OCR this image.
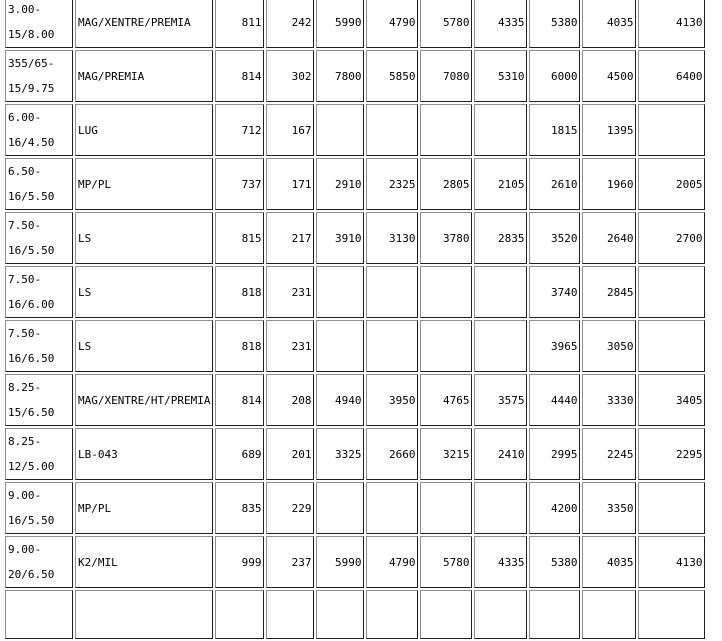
3.00-
15/8.00	MAG/XENTRE/PREMIA	811	242	5990	4790	5780	4335	5380	4035	4130

355/65-
15/9.75	MAG/PREMIA	814	302	7800	5850	7080	5310	6000	4500	6400

6.00-
16/4.50	LUG	712	167					1815	1395	

6.50-
16/5.50	MP/PL	737	171	2910	2325	2805	2105	2610	1960	2005

7.50-
16/5.50	LS	815	217	3910	3130	3780	2835	3520	2640	2700

7.50-
16/6.00	LS	818	231					3740	2845	

7.50-
16/6.50	LS	818	231					3965	3050	

8.25-
15/6.50	MAG/XENTRE/HT/PREMIA	814	208	4940	3950	4765	3575	4440	3330	3405

8.25-
12/5.00	LB-043	689	201	3325	2660	3215	2410	2995	2245	2295

9.00-
16/5.50	MP/PL	835	229					4200	3350	

9.00-
20/6.50	K2/MIL	999	237	5990	4790	5780	4335	5380	4035	4130
